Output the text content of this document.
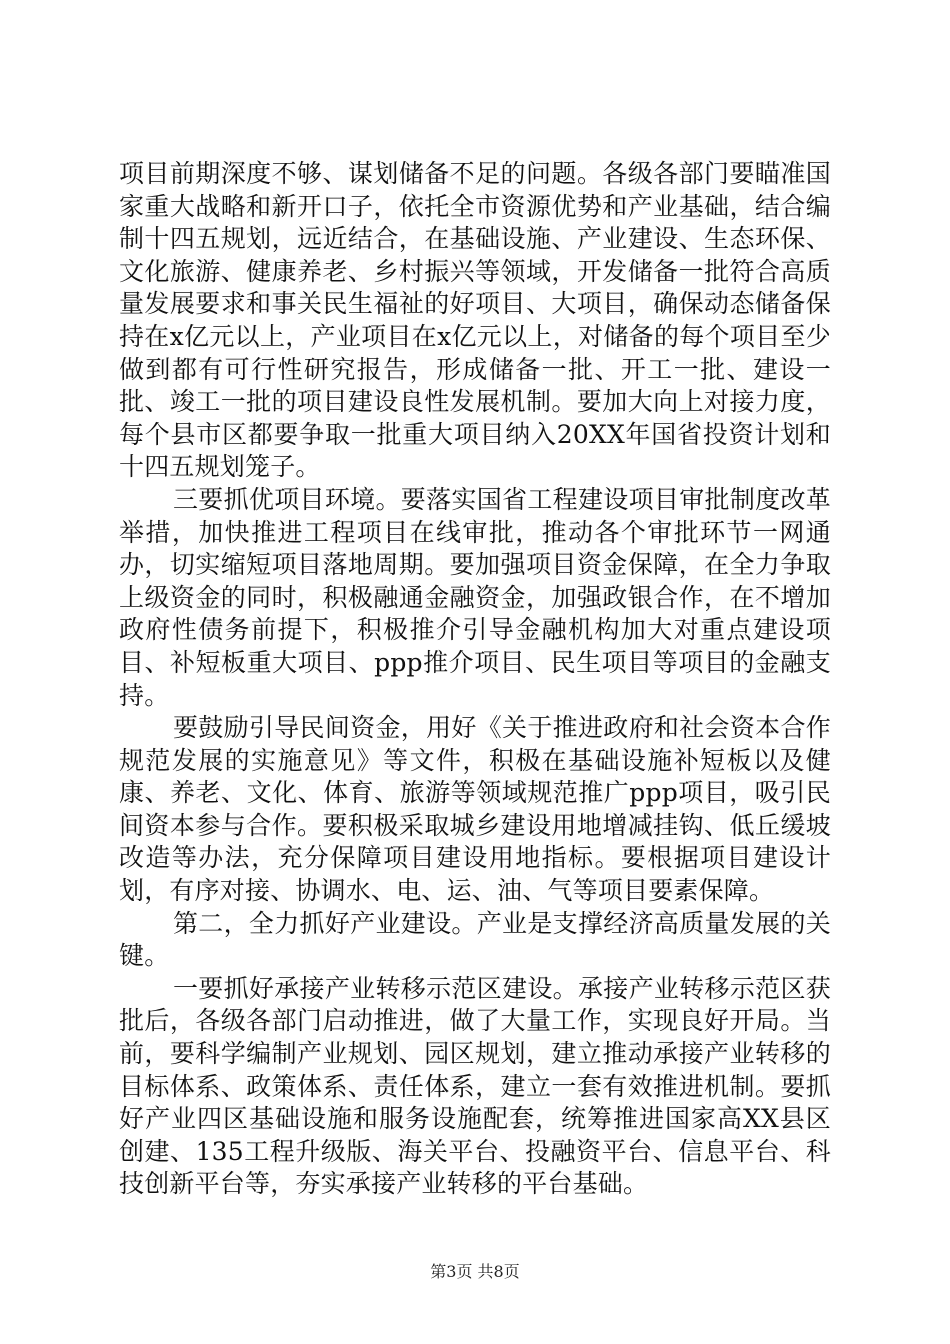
项目前期深度不够、谋划储备不足的问题。各级各部门要瞄准国家重大战略和新开口子，依托全市资源优势和产业基础，结合编制十四五规划，远近结合，在基础设施、产业建设、生态环保、文化旅游、健康养老、乡村振兴等领域，开发储备一批符合高质量发展要求和事关民生福祉的好项目、大项目，确保动态储备保持在x亿元以上，产业项目在x亿元以上，对储备的每个项目至少做到都有可行性研究报告，形成储备一批、开工一批、建设一批、竣工一批的项目建设良性发展机制。要加大向上对接力度，每个县市区都要争取一批重大项目纳入20XX年国省投资计划和十四五规划笼子。

三要抓优项目环境。要落实国省工程建设项目审批制度改革举措，加快推进工程项目在线审批，推动各个审批环节一网通办，切实缩短项目落地周期。要加强项目资金保障，在全力争取上级资金的同时，积极融通金融资金，加强政银合作，在不增加政府性债务前提下，积极推介引导金融机构加大对重点建设项目、补短板重大项目、ppp推介项目、民生项目等项目的金融支持。

要鼓励引导民间资金，用好《关于推进政府和社会资本合作规范发展的实施意见》等文件，积极在基础设施补短板以及健康、养老、文化、体育、旅游等领域规范推广ppp项目，吸引民间资本参与合作。要积极采取城乡建设用地增减挂钩、低丘缓坡改造等办法，充分保障项目建设用地指标。要根据项目建设计划，有序对接、协调水、电、运、油、气等项目要素保障。

第二，全力抓好产业建设。产业是支撑经济高质量发展的关键。

一要抓好承接产业转移示范区建设。承接产业转移示范区获批后，各级各部门启动推进，做了大量工作，实现良好开局。当前，要科学编制产业规划、园区规划，建立推动承接产业转移的目标体系、政策体系、责任体系，建立一套有效推进机制。要抓好产业四区基础设施和服务设施配套，统筹推进国家高XX县区创建、135工程升级版、海关平台、投融资平台、信息平台、科技创新平台等，夯实承接产业转移的平台基础。

第3页 共8页
